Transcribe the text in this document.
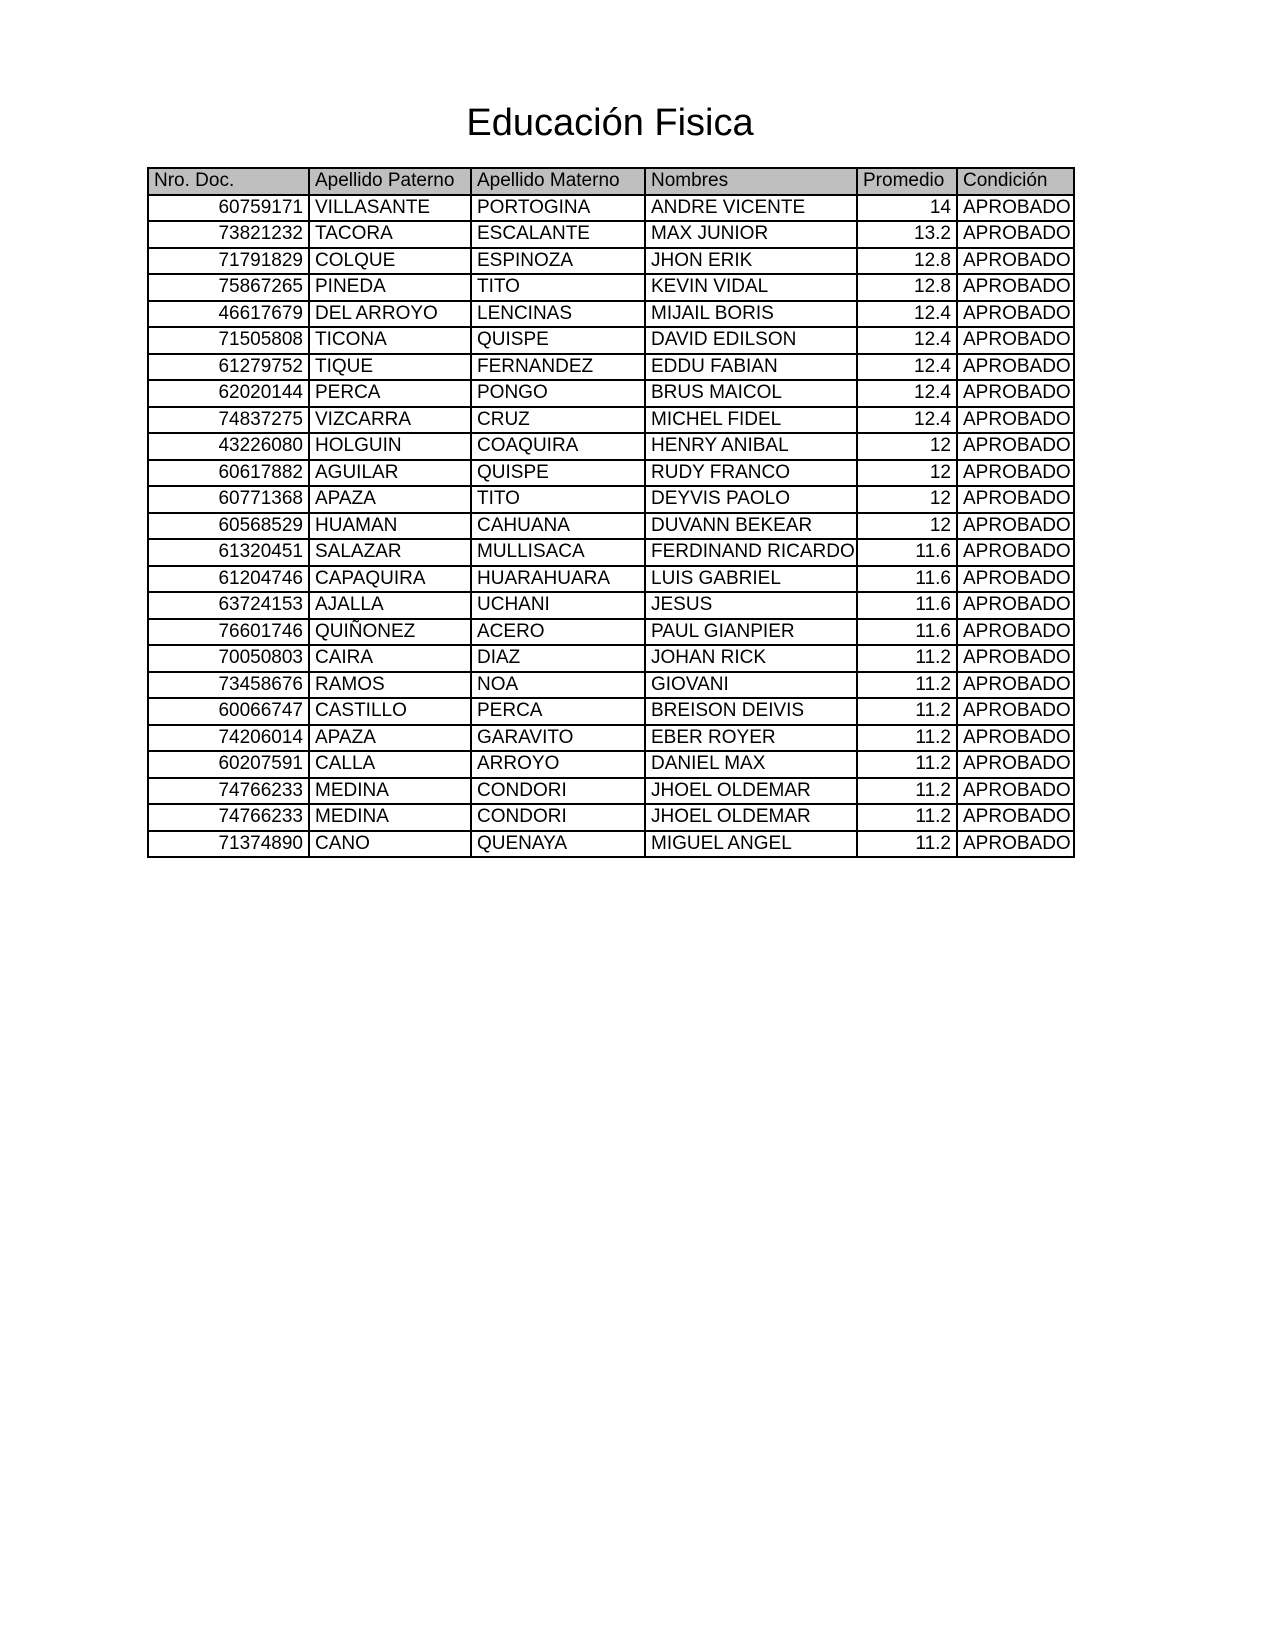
Educación Fisica
Nro. Doc.	Apellido Paterno	Apellido Materno	Nombres	Promedio	Condición
60759171	VILLASANTE	PORTOGINA	ANDRE VICENTE	14	APROBADO
73821232	TACORA	ESCALANTE	MAX JUNIOR	13.2	APROBADO
71791829	COLQUE	ESPINOZA	JHON ERIK	12.8	APROBADO
75867265	PINEDA	TITO	KEVIN VIDAL	12.8	APROBADO
46617679	DEL ARROYO	LENCINAS	MIJAIL BORIS	12.4	APROBADO
71505808	TICONA	QUISPE	DAVID EDILSON	12.4	APROBADO
61279752	TIQUE	FERNANDEZ	EDDU FABIAN	12.4	APROBADO
62020144	PERCA	PONGO	BRUS MAICOL	12.4	APROBADO
74837275	VIZCARRA	CRUZ	MICHEL FIDEL	12.4	APROBADO
43226080	HOLGUIN	COAQUIRA	HENRY ANIBAL	12	APROBADO
60617882	AGUILAR	QUISPE	RUDY FRANCO	12	APROBADO
60771368	APAZA	TITO	DEYVIS PAOLO	12	APROBADO
60568529	HUAMAN	CAHUANA	DUVANN BEKEAR	12	APROBADO
61320451	SALAZAR	MULLISACA	FERDINAND RICARDO	11.6	APROBADO
61204746	CAPAQUIRA	HUARAHUARA	LUIS GABRIEL	11.6	APROBADO
63724153	AJALLA	UCHANI	JESUS	11.6	APROBADO
76601746	QUIÑONEZ	ACERO	PAUL GIANPIER	11.6	APROBADO
70050803	CAIRA	DIAZ	JOHAN RICK	11.2	APROBADO
73458676	RAMOS	NOA	GIOVANI	11.2	APROBADO
60066747	CASTILLO	PERCA	BREISON DEIVIS	11.2	APROBADO
74206014	APAZA	GARAVITO	EBER ROYER	11.2	APROBADO
60207591	CALLA	ARROYO	DANIEL MAX	11.2	APROBADO
74766233	MEDINA	CONDORI	JHOEL OLDEMAR	11.2	APROBADO
74766233	MEDINA	CONDORI	JHOEL OLDEMAR	11.2	APROBADO
71374890	CANO	QUENAYA	MIGUEL ANGEL	11.2	APROBADO
